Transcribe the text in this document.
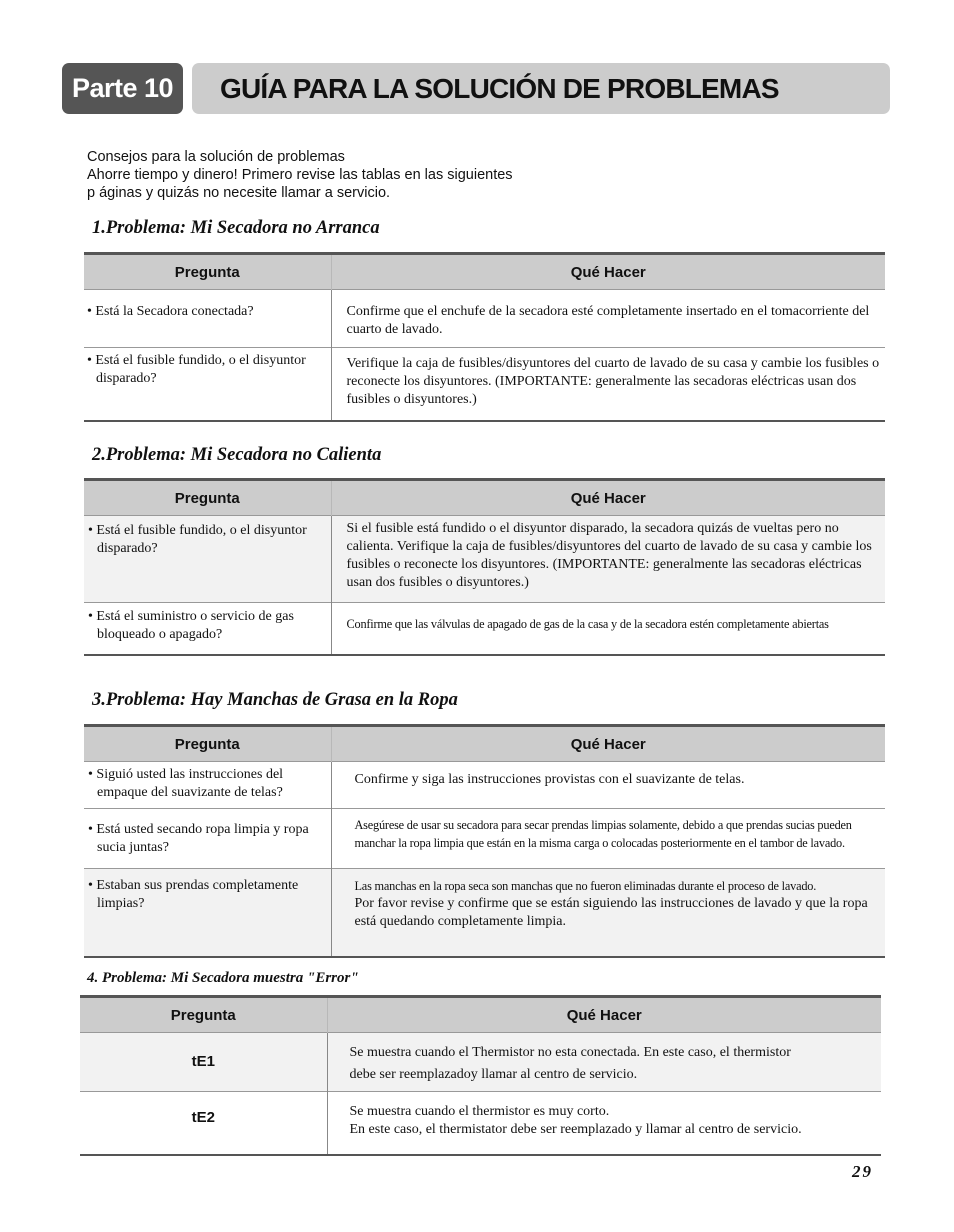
Parte 10	GUÍA PARA LA SOLUCIÓN DE PROBLEMAS
Consejos para la solución de problemas
Ahorre tiempo y dinero! Primero revise las tablas en las siguientes
p áginas y quizás no necesite llamar a servicio.
1.Problema: Mi Secadora no Arranca
Pregunta	Qué Hacer

• Está la Secadora conectada?	Confirme que el enchufe de la secadora esté completamente insertado en el tomacorriente del cuarto de lavado.

• Está el fusible fundido, o el disyuntor disparado?	Verifique la caja de fusibles/disyuntores del cuarto de lavado de su casa y cambie los fusibles o reconecte los disyuntores. (IMPORTANTE: generalmente las secadoras eléctricas usan dos fusibles o disyuntores.)
2.Problema: Mi Secadora no Calienta
Pregunta	Qué Hacer

• Está el fusible fundido, o el disyuntor disparado?	Si el fusible está fundido o el disyuntor disparado, la secadora quizás de vueltas pero no calienta. Verifique la caja de fusibles/disyuntores del cuarto de lavado de su casa y cambie los fusibles o reconecte los disyuntores. (IMPORTANTE: generalmente las secadoras eléctricas usan dos fusibles o disyuntores.)

• Está el suministro o servicio de gas bloqueado o apagado?	Confirme que las válvulas de apagado de gas de la casa y de la secadora estén completamente abiertas
3.Problema: Hay Manchas de Grasa en la Ropa
Pregunta	Qué Hacer

• Siguió usted las instrucciones del empaque del suavizante de telas?	Confirme y siga las instrucciones provistas con el suavizante de telas.

• Está usted secando ropa limpia y ropa sucia juntas?	Asegúrese de usar su secadora para secar prendas limpias solamente, debido a que prendas sucias pueden manchar la ropa limpia que están en la misma carga o colocadas posteriormente en el tambor de lavado.

• Estaban sus prendas completamente limpias?	Las manchas en la ropa seca son manchas que no fueron eliminadas durante el proceso de lavado.
Por favor revise y confirme que se están siguiendo las instrucciones de lavado y que la ropa está quedando completamente limpia.
4. Problema: Mi Secadora muestra "Error"
Pregunta	Qué Hacer

tE1	Se muestra cuando el Thermistor no esta conectada. En este caso, el thermistor
debe ser reemplazadoy llamar al centro de servicio.

tE2	Se muestra cuando el thermistor es muy corto.
En este caso, el thermistator debe ser reemplazado y llamar al centro de servicio.
29
